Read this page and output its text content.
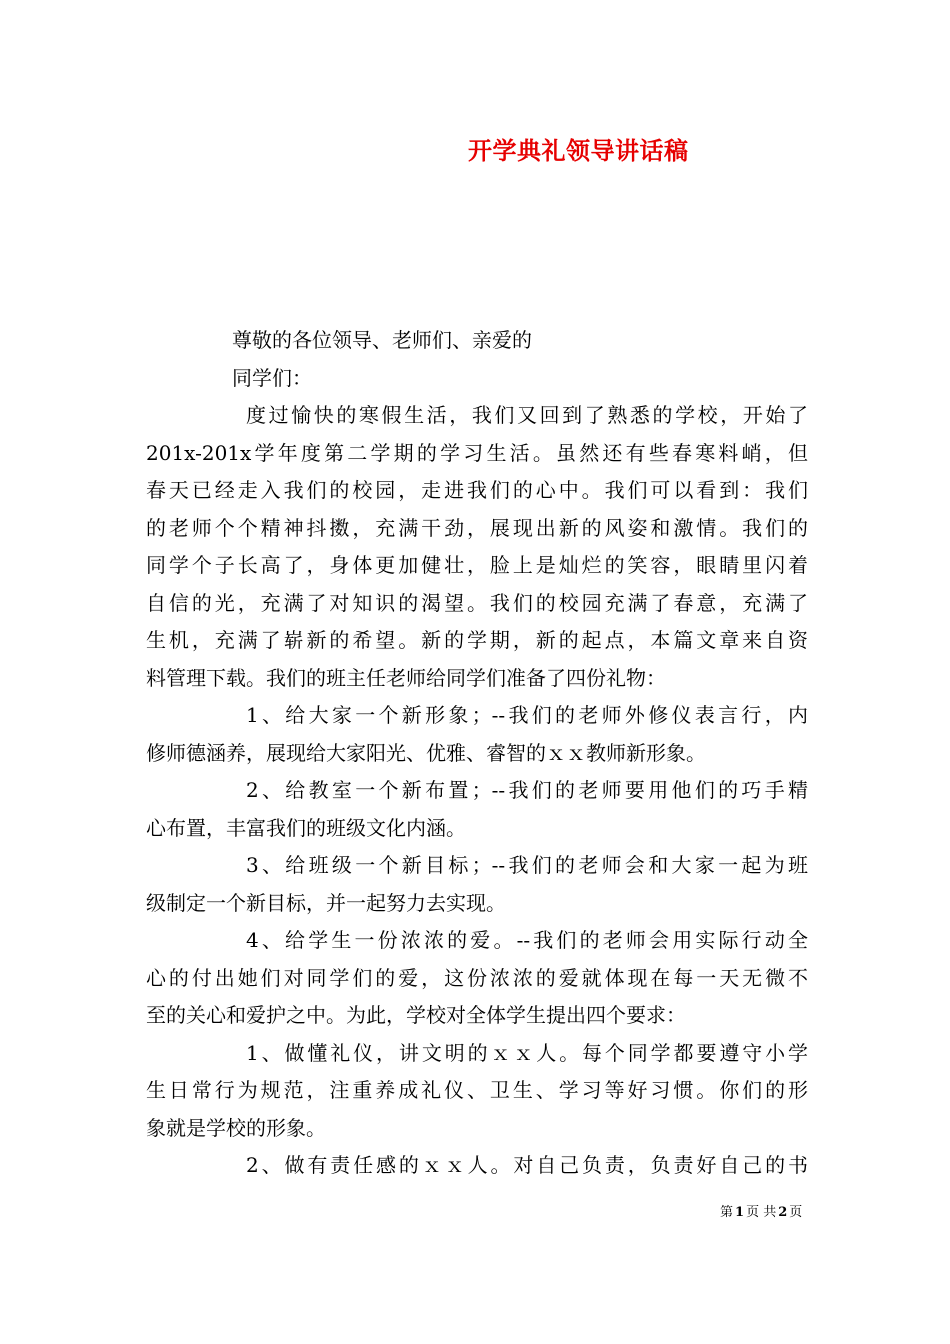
开学典礼领导讲话稿
尊敬的各位领导、老师们、亲爱的
同学们：
度过愉快的寒假生活，我们又回到了熟悉的学校，开始了
201x-201x学年度第二学期的学习生活。虽然还有些春寒料峭，但
春天已经走入我们的校园，走进我们的心中。我们可以看到：我们
的老师个个精神抖擞，充满干劲，展现出新的风姿和激情。我们的
同学个子长高了，身体更加健壮，脸上是灿烂的笑容，眼睛里闪着
自信的光，充满了对知识的渴望。我们的校园充满了春意，充满了
生机，充满了崭新的希望。新的学期，新的起点，本篇文章来自资
料管理下载。我们的班主任老师给同学们准备了四份礼物：
1、给大家一个新形象；--我们的老师外修仪表言行，内
修师德涵养，展现给大家阳光、优雅、睿智的ｘｘ教师新形象。
2、给教室一个新布置；--我们的老师要用他们的巧手精
心布置，丰富我们的班级文化内涵。
3、给班级一个新目标；--我们的老师会和大家一起为班
级制定一个新目标，并一起努力去实现。
4、给学生一份浓浓的爱。--我们的老师会用实际行动全
心的付出她们对同学们的爱，这份浓浓的爱就体现在每一天无微不
至的关心和爱护之中。为此，学校对全体学生提出四个要求：
1、做懂礼仪，讲文明的ｘｘ人。每个同学都要遵守小学
生日常行为规范，注重养成礼仪、卫生、学习等好习惯。你们的形
象就是学校的形象。
2、做有责任感的ｘｘ人。对自己负责，负责好自己的书
第 1 页 共 2 页
